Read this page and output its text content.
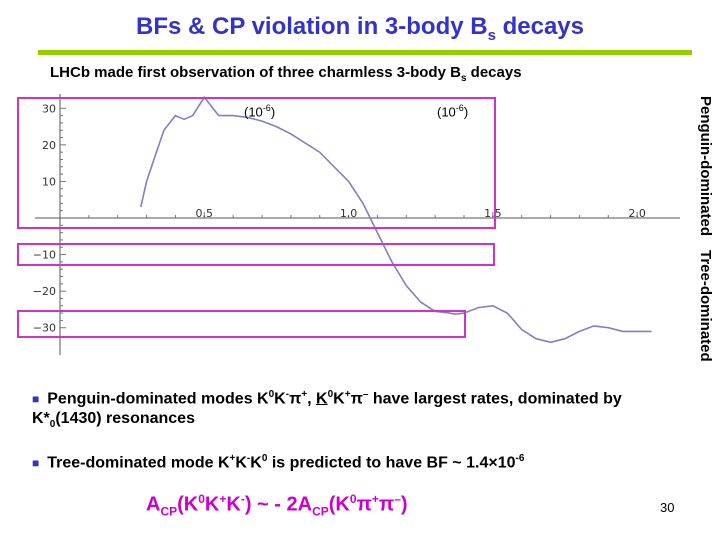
BFs & CP violation in 3-body $B_s$ decays
LHCb made first observation of three charmless 3-body $B_s$ decays
0.5	1.0	1.5	2.0
30
20
10
−10
−20
−30
$(10^{-6})$	$(10^{-6})$	Penguin-dominated
Tree-dominated
■ Penguin-dominated modes $K^0K^-\pi^+$, $K^0K^+\pi^-$ have largest rates, dominated by
$K*_0(1430)$ resonances
■ Tree-dominated mode $K^+K^-K^0$ is predicted to have BF ~ $1.4\times 10^{-6}$
$A_{CP}(K^0K^+K^-)$ ~ - $2A_{CP}(K^0\pi^+\pi^-)$	30
